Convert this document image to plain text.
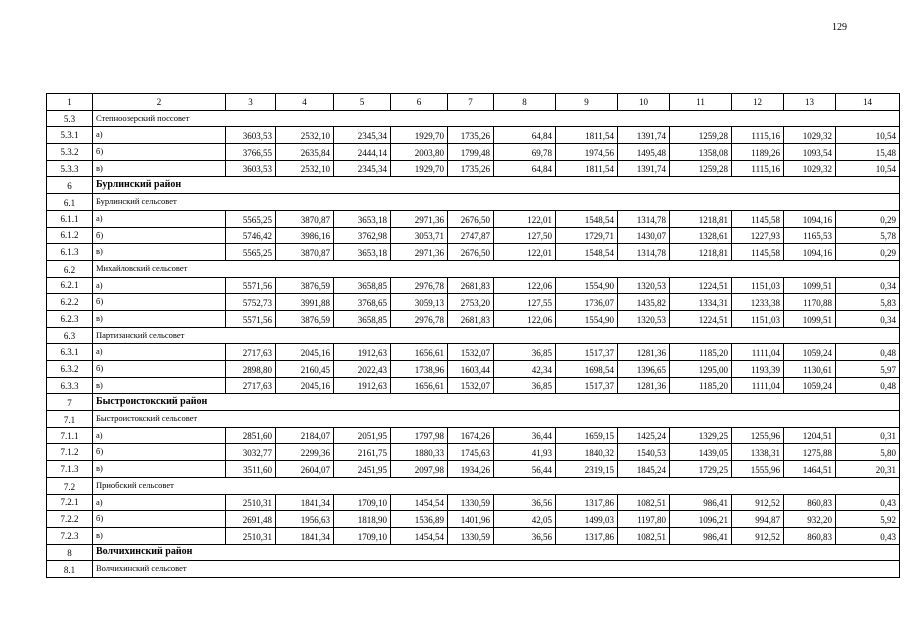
129
1	2	3	4	5	6	7	8	9	10	11	12	13	14
5.3	Степноозерский поссовет												
5.3.1	а)	3603,53	2532,10	2345,34	1929,70	1735,26	64,84	1811,54	1391,74	1259,28	1115,16	1029,32	10,54
5.3.2	б)	3766,55	2635,84	2444,14	2003,80	1799,48	69,78	1974,56	1495,48	1358,08	1189,26	1093,54	15,48
5.3.3	в)	3603,53	2532,10	2345,34	1929,70	1735,26	64,84	1811,54	1391,74	1259,28	1115,16	1029,32	10,54
6	Бурлинский район												
6.1	Бурлинский сельсовет												
6.1.1	а)	5565,25	3870,87	3653,18	2971,36	2676,50	122,01	1548,54	1314,78	1218,81	1145,58	1094,16	0,29
6.1.2	б)	5746,42	3986,16	3762,98	3053,71	2747,87	127,50	1729,71	1430,07	1328,61	1227,93	1165,53	5,78
6.1.3	в)	5565,25	3870,87	3653,18	2971,36	2676,50	122,01	1548,54	1314,78	1218,81	1145,58	1094,16	0,29
6.2	Михайловский сельсовет												
6.2.1	а)	5571,56	3876,59	3658,85	2976,78	2681,83	122,06	1554,90	1320,53	1224,51	1151,03	1099,51	0,34
6.2.2	б)	5752,73	3991,88	3768,65	3059,13	2753,20	127,55	1736,07	1435,82	1334,31	1233,38	1170,88	5,83
6.2.3	в)	5571,56	3876,59	3658,85	2976,78	2681,83	122,06	1554,90	1320,53	1224,51	1151,03	1099,51	0,34
6.3	Партизанский сельсовет												
6.3.1	а)	2717,63	2045,16	1912,63	1656,61	1532,07	36,85	1517,37	1281,36	1185,20	1111,04	1059,24	0,48
6.3.2	б)	2898,80	2160,45	2022,43	1738,96	1603,44	42,34	1698,54	1396,65	1295,00	1193,39	1130,61	5,97
6.3.3	в)	2717,63	2045,16	1912,63	1656,61	1532,07	36,85	1517,37	1281,36	1185,20	1111,04	1059,24	0,48
7	Быстроистокский район												
7.1	Быстроистокский сельсовет												
7.1.1	а)	2851,60	2184,07	2051,95	1797,98	1674,26	36,44	1659,15	1425,24	1329,25	1255,96	1204,51	0,31
7.1.2	б)	3032,77	2299,36	2161,75	1880,33	1745,63	41,93	1840,32	1540,53	1439,05	1338,31	1275,88	5,80
7.1.3	в)	3511,60	2604,07	2451,95	2097,98	1934,26	56,44	2319,15	1845,24	1729,25	1555,96	1464,51	20,31
7.2	Приобский сельсовет												
7.2.1	а)	2510,31	1841,34	1709,10	1454,54	1330,59	36,56	1317,86	1082,51	986,41	912,52	860,83	0,43
7.2.2	б)	2691,48	1956,63	1818,90	1536,89	1401,96	42,05	1499,03	1197,80	1096,21	994,87	932,20	5,92
7.2.3	в)	2510,31	1841,34	1709,10	1454,54	1330,59	36,56	1317,86	1082,51	986,41	912,52	860,83	0,43
8	Волчихинский район												
8.1	Волчихинский сельсовет												
